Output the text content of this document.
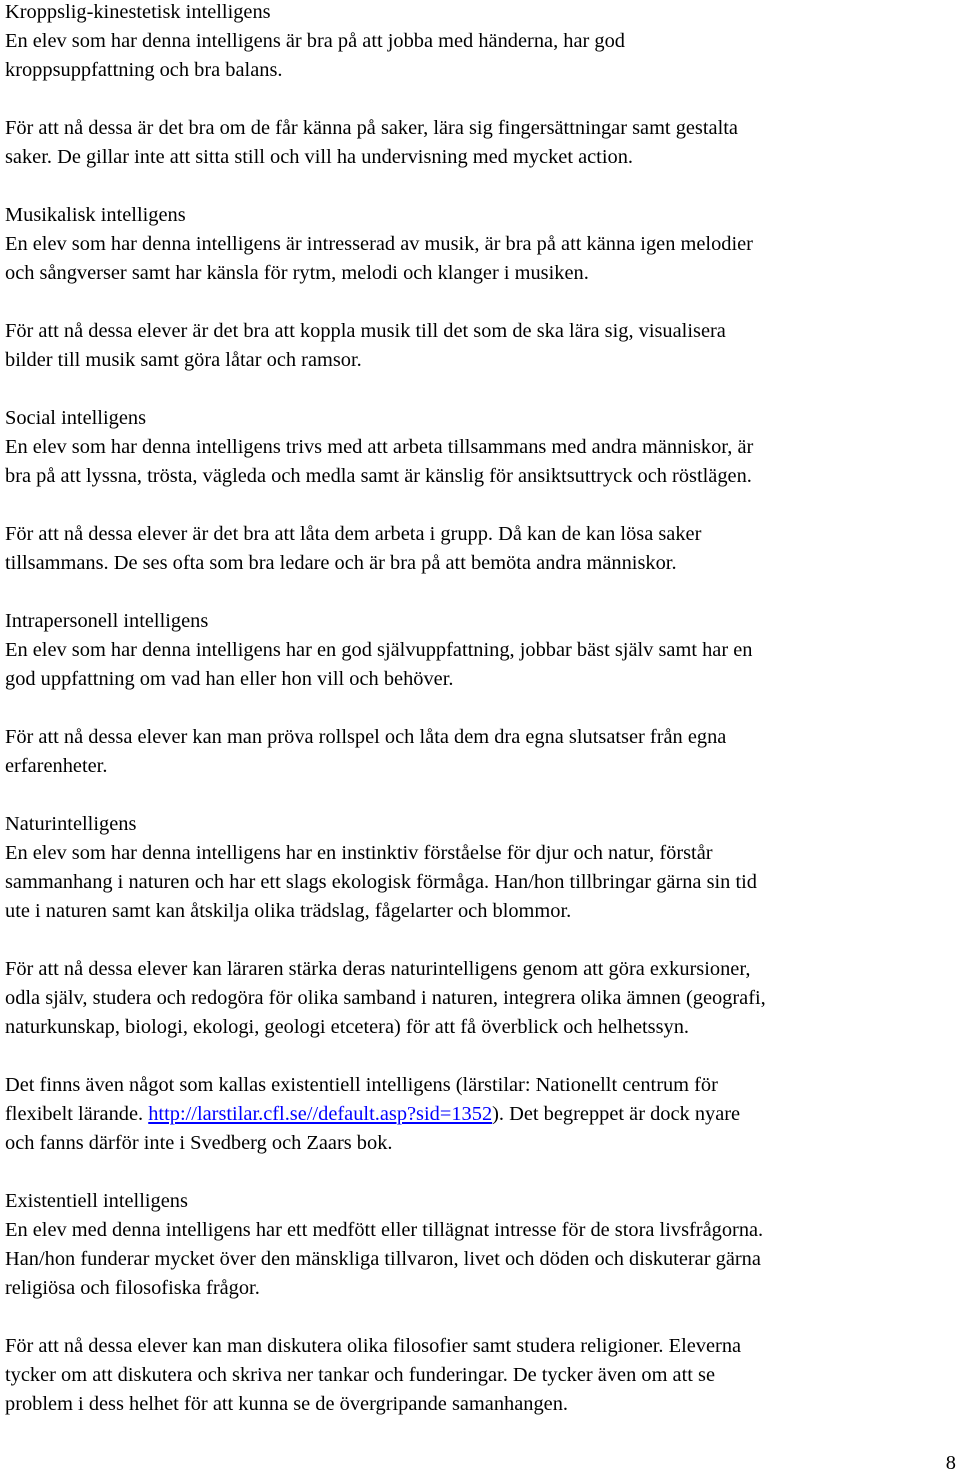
Kroppslig-kinestetisk intelligens
En elev som har denna intelligens är bra på att jobba med händerna, har god
kroppsuppfattning och bra balans.

För att nå dessa är det bra om de får känna på saker, lära sig fingersättningar samt gestalta
saker. De gillar inte att sitta still och vill ha undervisning med mycket action.

Musikalisk intelligens
En elev som har denna intelligens är intresserad av musik, är bra på att känna igen melodier
och sångverser samt har känsla för rytm, melodi och klanger i musiken.

För att nå dessa elever är det bra att koppla musik till det som de ska lära sig, visualisera
bilder till musik samt göra låtar och ramsor.

Social intelligens
En elev som har denna intelligens trivs med att arbeta tillsammans med andra människor, är
bra på att lyssna, trösta, vägleda och medla samt är känslig för ansiktsuttryck och röstlägen.

För att nå dessa elever är det bra att låta dem arbeta i grupp. Då kan de kan lösa saker
tillsammans. De ses ofta som bra ledare och är bra på att bemöta andra människor.

Intrapersonell intelligens
En elev som har denna intelligens har en god självuppfattning, jobbar bäst själv samt har en
god uppfattning om vad han eller hon vill och behöver.

För att nå dessa elever kan man pröva rollspel och låta dem dra egna slutsatser från egna
erfarenheter.

Naturintelligens
En elev som har denna intelligens har en instinktiv förståelse för djur och natur, förstår
sammanhang i naturen och har ett slags ekologisk förmåga. Han/hon tillbringar gärna sin tid
ute i naturen samt kan åtskilja olika trädslag, fågelarter och blommor.

För att nå dessa elever kan läraren stärka deras naturintelligens genom att göra exkursioner,
odla själv, studera och redogöra för olika samband i naturen, integrera olika ämnen (geografi,
naturkunskap, biologi, ekologi, geologi etcetera) för att få överblick och helhetssyn.

Det finns även något som kallas existentiell intelligens (lärstilar: Nationellt centrum för
flexibelt lärande. http://larstilar.cfl.se//default.asp?sid=1352). Det begreppet är dock nyare
och fanns därför inte i Svedberg och Zaars bok.

Existentiell intelligens
En elev med denna intelligens har ett medfött eller tillägnat intresse för de stora livsfrågorna.
Han/hon funderar mycket över den mänskliga tillvaron, livet och döden och diskuterar gärna
religiösa och filosofiska frågor.

För att nå dessa elever kan man diskutera olika filosofier samt studera religioner. Eleverna
tycker om att diskutera och skriva ner tankar och funderingar. De tycker även om att se
problem i dess helhet för att kunna se de övergripande samanhangen.

8
